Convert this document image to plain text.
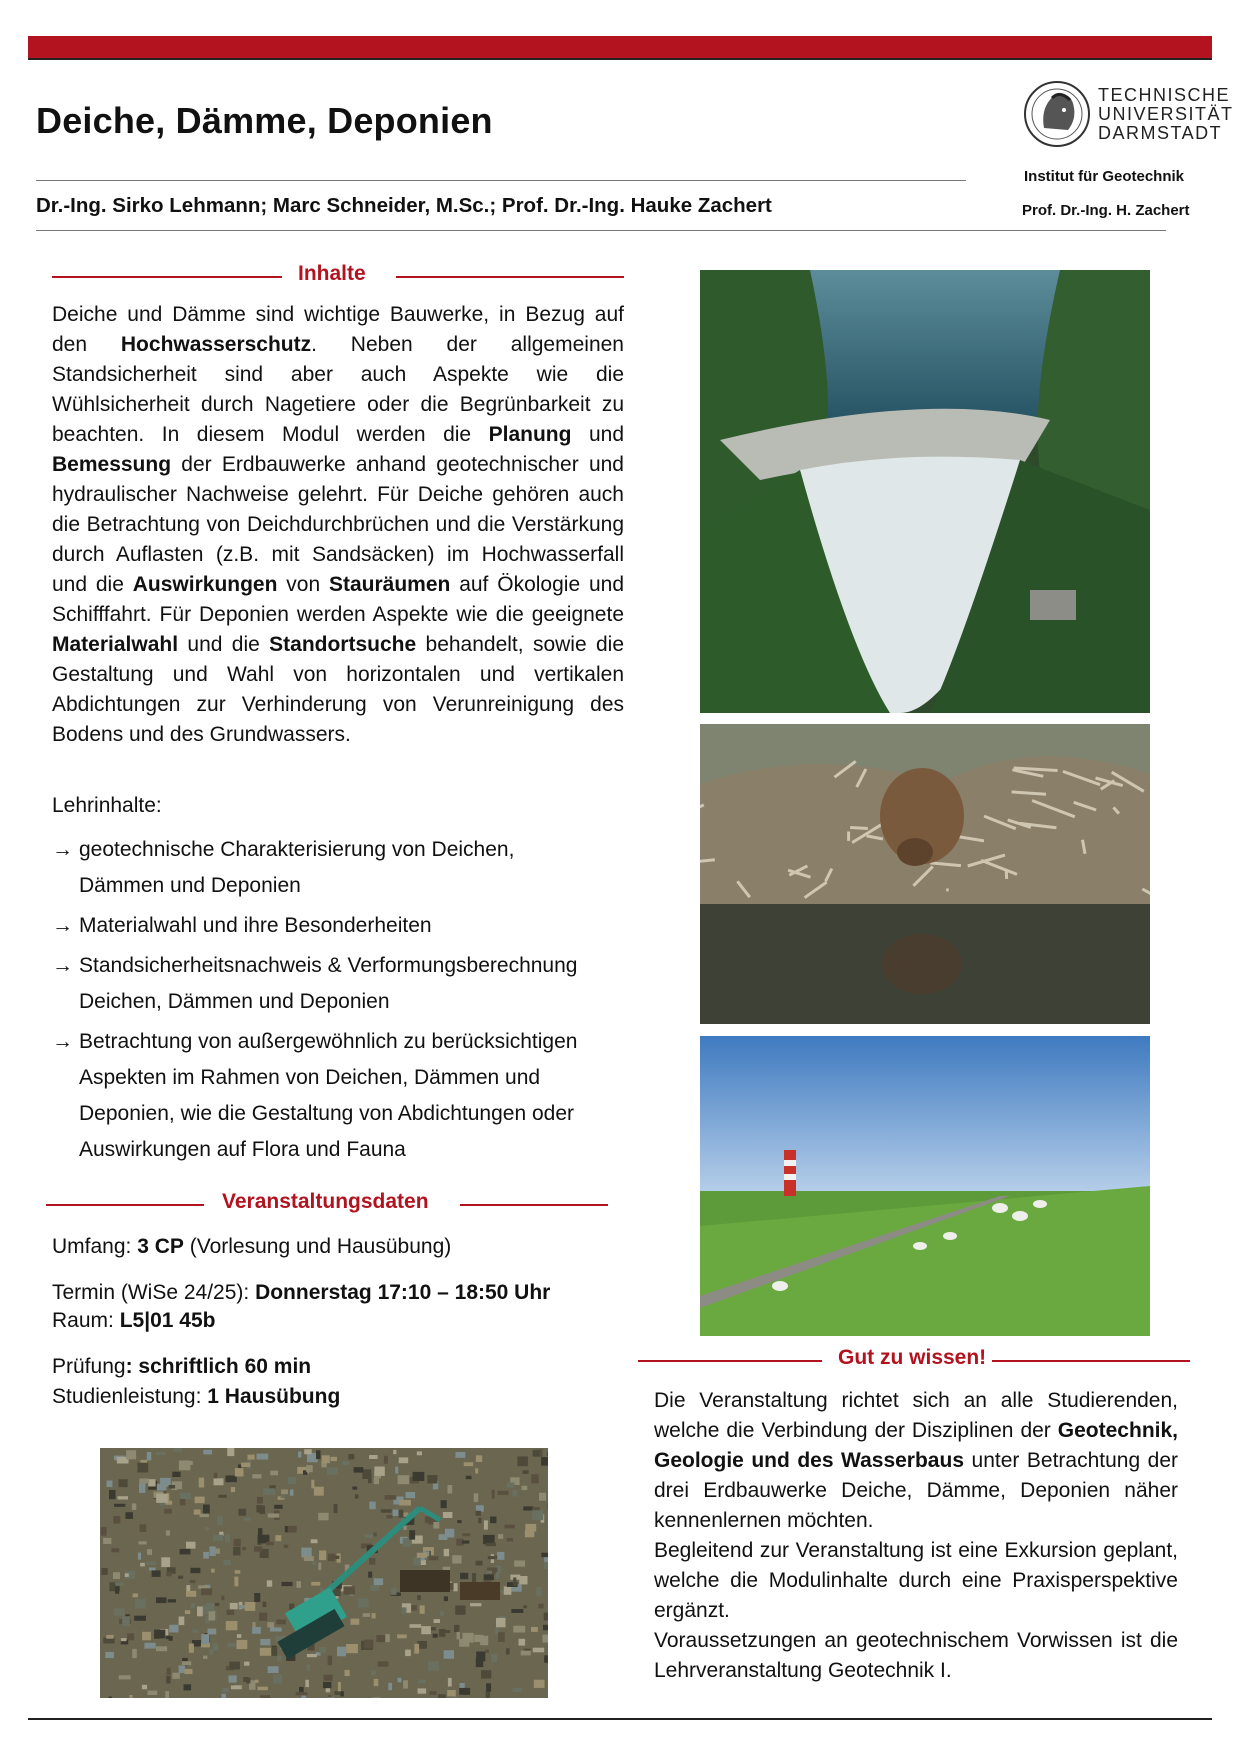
Deiche, Dämme, Deponien
Dr.-Ing. Sirko Lehmann; Marc Schneider, M.Sc.; Prof. Dr.-Ing. Hauke Zachert
TECHNISCHE
UNIVERSITÄT
DARMSTADT
Institut für Geotechnik
Prof. Dr.-Ing. H. Zachert
Inhalte
Deiche und Dämme sind wichtige Bauwerke, in Bezug auf den Hochwasserschutz. Neben der allgemeinen Standsicherheit sind aber auch Aspekte wie die Wühlsicherheit durch Nagetiere oder die Begrünbarkeit zu beachten. In diesem Modul werden die Planung und Bemessung der Erdbauwerke anhand geotechnischer und hydraulischer Nachweise gelehrt. Für Deiche gehören auch die Betrachtung von Deichdurchbrüchen und die Verstärkung durch Auflasten (z.B. mit Sandsäcken) im Hochwasserfall und die Auswirkungen von Stauräumen auf Ökologie und Schifffahrt. Für Deponien werden Aspekte wie die geeignete Materialwahl und die Standortsuche behandelt, sowie die Gestaltung und Wahl von horizontalen und vertikalen Abdichtungen zur Verhinderung von Verunreinigung des Bodens und des Grundwassers.
Lehrinhalte:
→ geotechnische Charakterisierung von Deichen,
Dämmen und Deponien
→ Materialwahl und ihre Besonderheiten
→ Standsicherheitsnachweis & Verformungsberechnung
Deichen, Dämmen und Deponien
→ Betrachtung von außergewöhnlich zu berücksichtigen
Aspekten im Rahmen von Deichen, Dämmen und
Deponien, wie die Gestaltung von Abdichtungen oder
Auswirkungen auf Flora und Fauna
Veranstaltungsdaten
Umfang: 3 CP (Vorlesung und Hausübung)
Termin (WiSe 24/25): Donnerstag 17:10 – 18:50 Uhr
Raum: L5|01 45b
Prüfung: schriftlich 60 min
Studienleistung: 1 Hausübung
Gut zu wissen!
Die Veranstaltung richtet sich an alle Studierenden, welche die Verbindung der Disziplinen der Geotechnik, Geologie und des Wasserbaus unter Betrachtung der drei Erdbauwerke Deiche, Dämme, Deponien näher kennenlernen möchten.
Begleitend zur Veranstaltung ist eine Exkursion geplant, welche die Modulinhalte durch eine Praxisperspektive ergänzt.
Voraussetzungen an geotechnischem Vorwissen ist die Lehrveranstaltung Geotechnik I.
